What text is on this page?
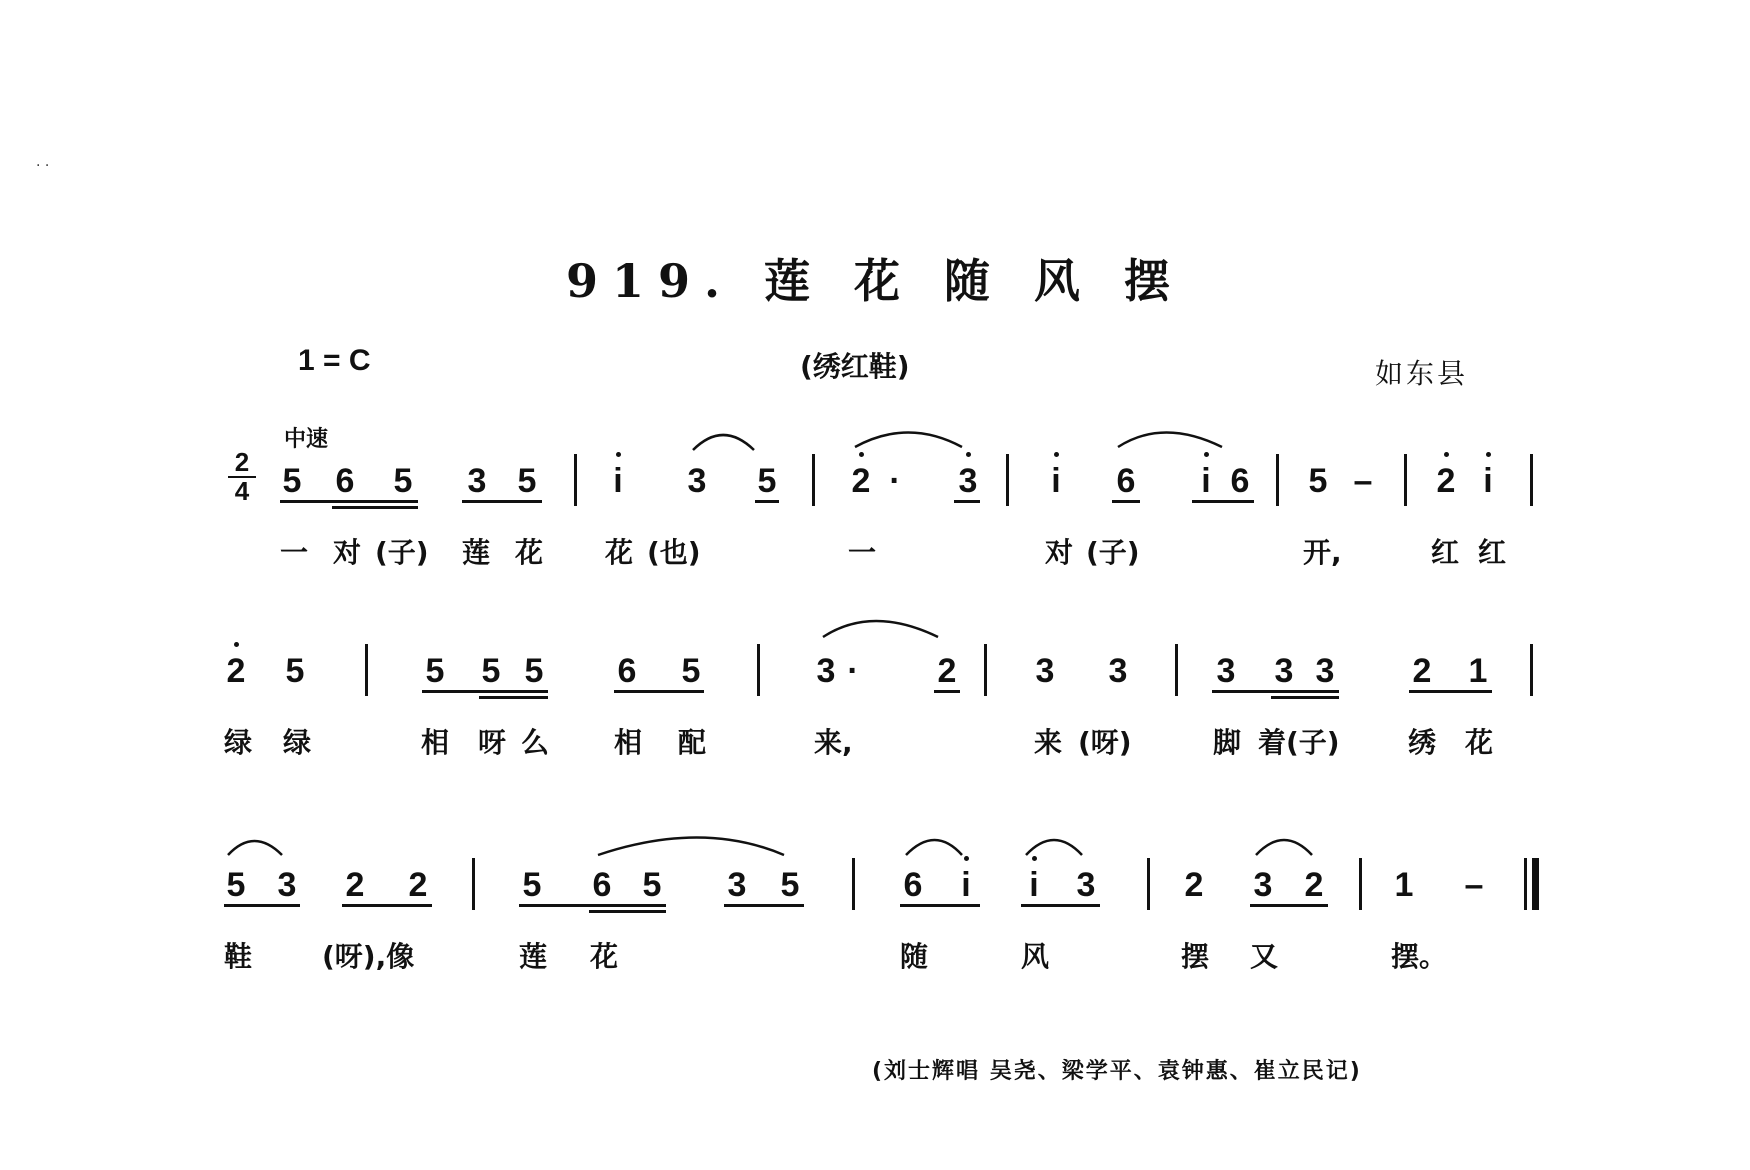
· ·
919. 莲 花 随 风 摆
1 = C	(绣红鞋)	如东县
中速
2
4 5 6 5 3 5 i 3 5 2 · 3 i 6 i 6 5 – 2 i
一 对 (子) 莲 花 花 (也)	一	对 (子)	开,	红 红
2 5	5 5 5 6 5	3 · 2 3 3	3 3 3 2 1
绿 绿	相 呀 么 相 配	来,	来 (呀)	脚 着(子) 绣 花
5 3 2 2	5 6 5 3 5	6 i i 3	2 3 2 1 –
鞋 (呀),像	莲 花	随	风	摆 又	摆。
(刘士辉唱 吴尧、梁学平、袁钟惠、崔立民记)
